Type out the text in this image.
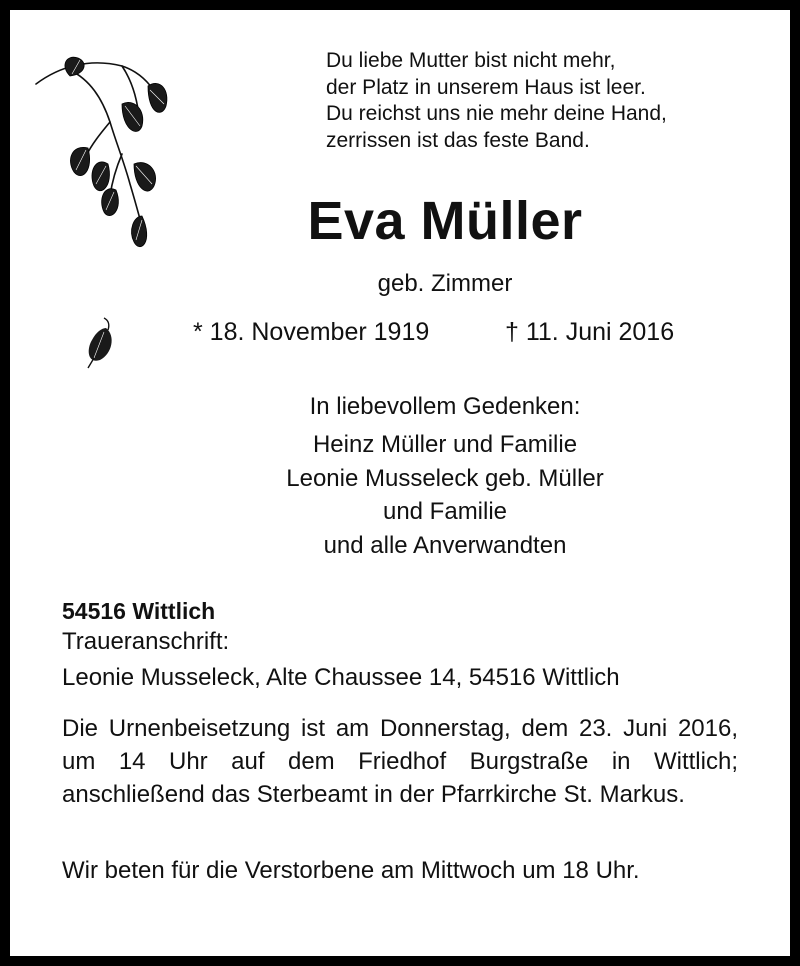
Du liebe Mutter bist nicht mehr,
der Platz in unserem Haus ist leer.
Du reichst uns nie mehr deine Hand,
zerrissen ist das feste Band.
Eva Müller
geb. Zimmer
* 18. November 1919	† 11. Juni 2016
In liebevollem Gedenken:
Heinz Müller und Familie
Leonie Musseleck geb. Müller
und Familie
und alle Anverwandten
54516 Wittlich
Traueranschrift:
Leonie Musseleck, Alte Chaussee 14, 54516 Wittlich
Die Urnenbeisetzung ist am Donnerstag, dem 23. Juni 2016, um 14 Uhr auf dem Friedhof Burgstraße in Wittlich; anschließend das Sterbeamt in der Pfarrkirche St. Markus.
Wir beten für die Verstorbene am Mittwoch um 18 Uhr.
